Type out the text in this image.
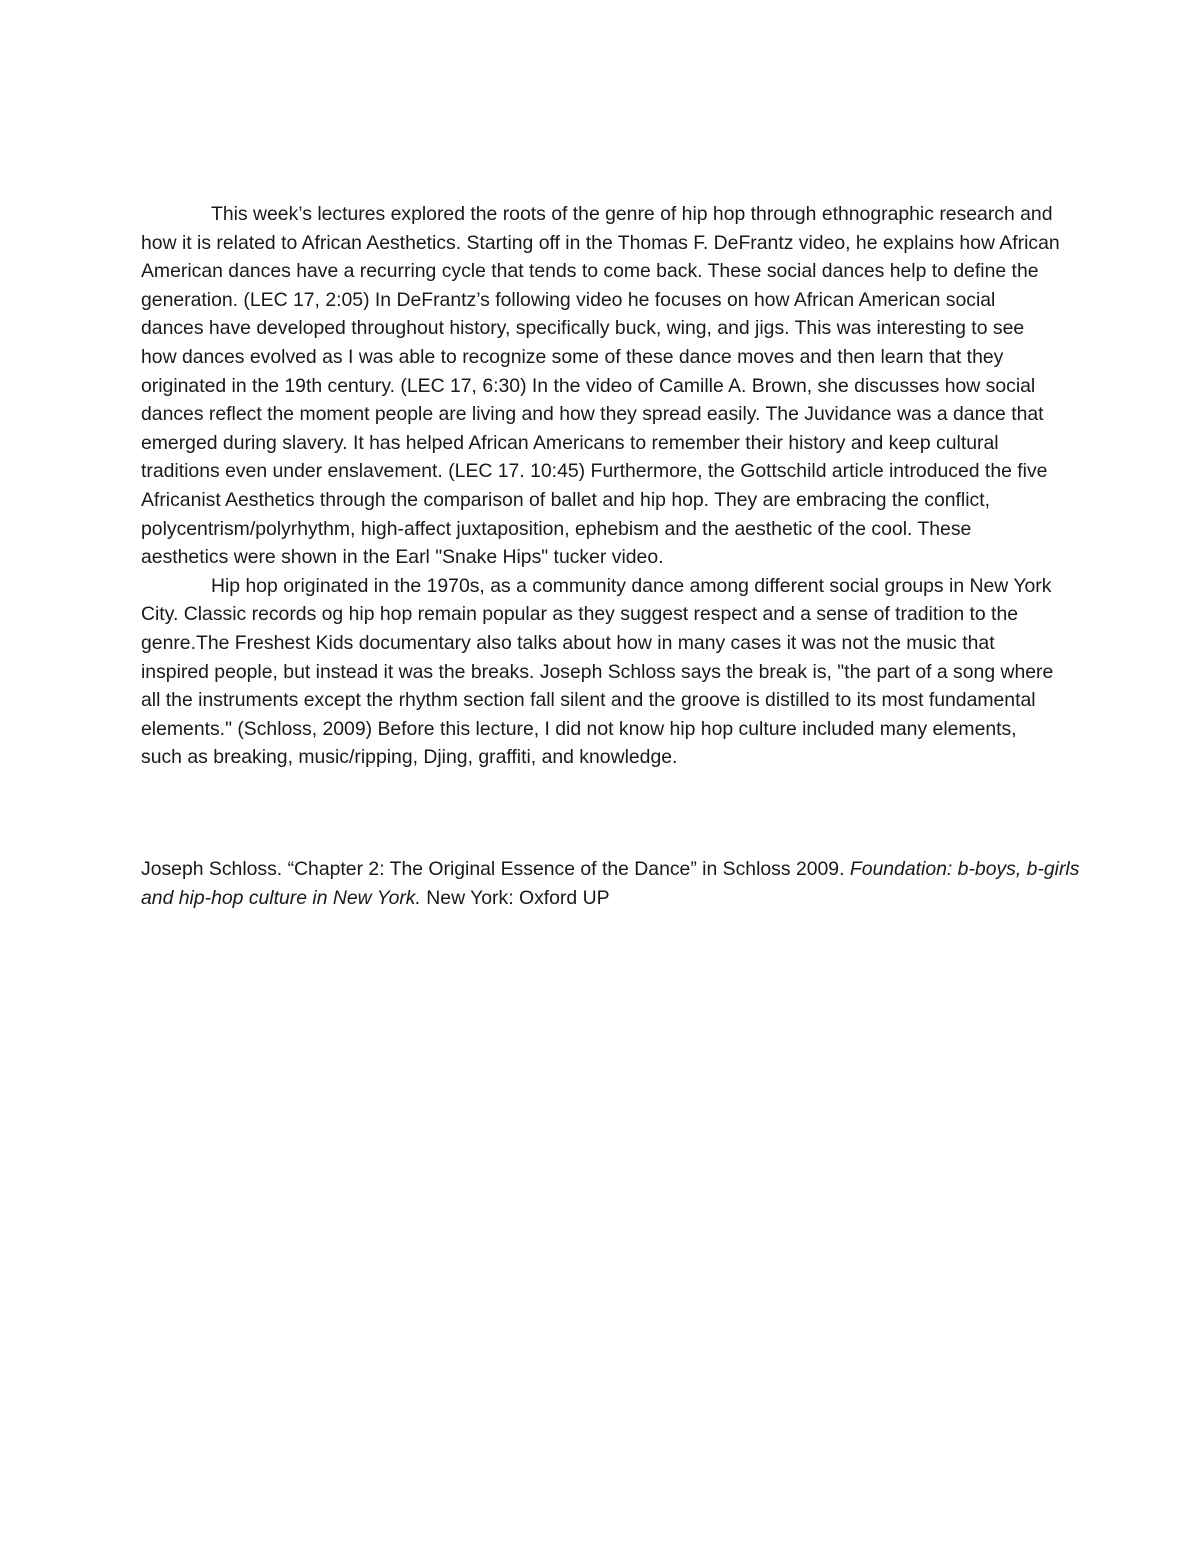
This week’s lectures explored the roots of the genre of hip hop through ethnographic research and how it is related to African Aesthetics. Starting off in the Thomas F. DeFrantz video, he explains how African American dances have a recurring cycle that tends to come back. These social dances help to define the generation. (LEC 17, 2:05) In DeFrantz’s following video he focuses on how African American social dances have developed throughout history, specifically buck, wing, and jigs. This was interesting to see how dances evolved as I was able to recognize some of these dance moves and then learn that they originated in the 19th century. (LEC 17, 6:30) In the video of Camille A. Brown, she discusses how social dances reflect the moment people are living and how they spread easily. The Juvidance was a dance that emerged during slavery. It has helped African Americans to remember their history and keep cultural traditions even under enslavement. (LEC 17. 10:45) Furthermore, the Gottschild article introduced the five Africanist Aesthetics through the comparison of ballet and hip hop. They are embracing the conflict, polycentrism/polyrhythm, high-affect juxtaposition, ephebism and the aesthetic of the cool. These aesthetics were shown in the Earl "Snake Hips" tucker video.

Hip hop originated in the 1970s, as a community dance among different social groups in New York City. Classic records og hip hop remain popular as they suggest respect and a sense of tradition to the genre.The Freshest Kids documentary also talks about how in many cases it was not the music that inspired people, but instead it was the breaks. Joseph Schloss says the break is, "the part of a song where all the instruments except the rhythm section fall silent and the groove is distilled to its most fundamental elements." (Schloss, 2009) Before this lecture, I did not know hip hop culture included many elements, such as breaking, music/ripping, Djing, graffiti, and knowledge.

Joseph Schloss. “Chapter 2: The Original Essence of the Dance” in Schloss 2009. Foundation: b-boys, b-girls and hip-hop culture in New York. New York: Oxford UP
